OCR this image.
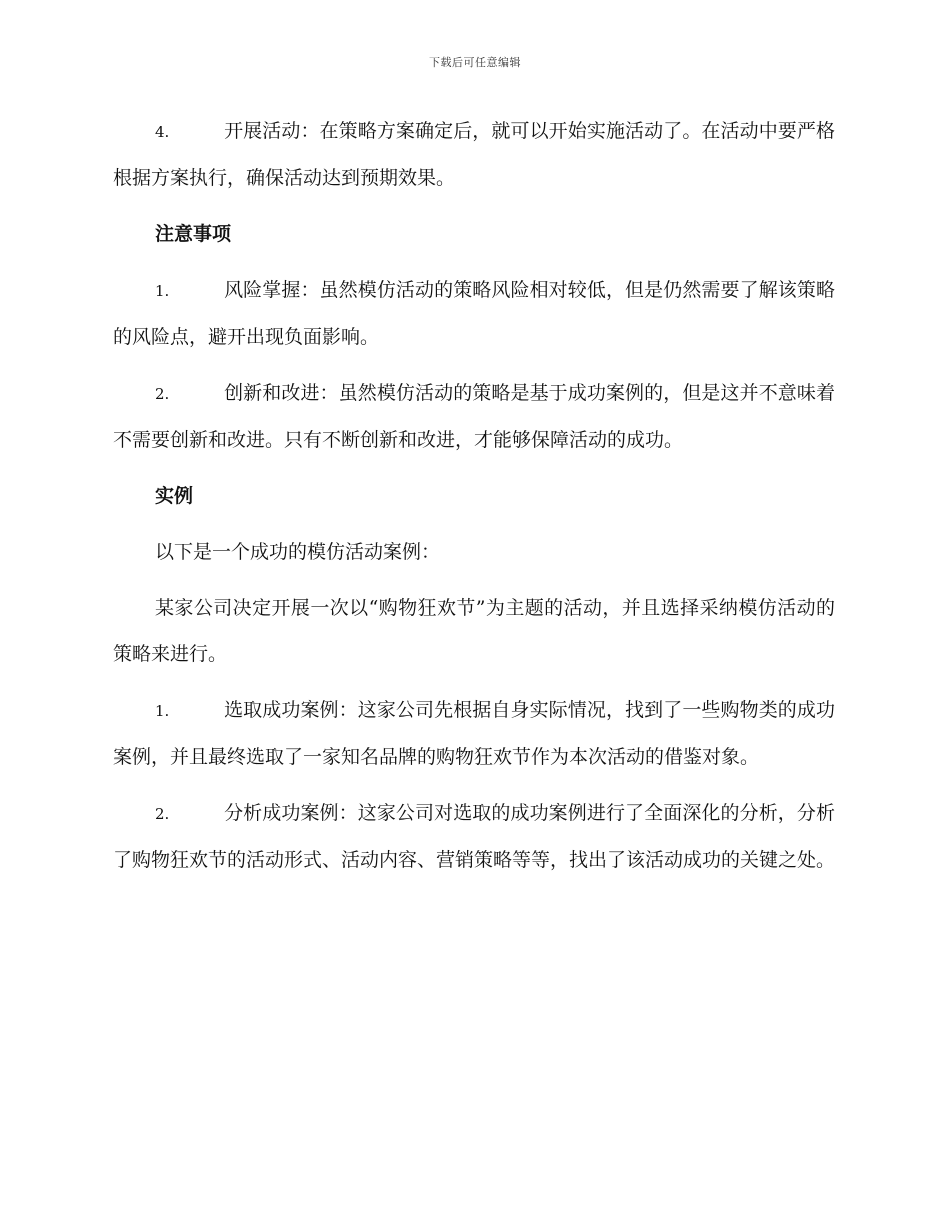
下载后可任意编辑

4.	开展活动：在策略方案确定后，就可以开始实施活动了。在活动中要严格根据方案执行，确保活动达到预期效果。

注意事项

1.	风险掌握：虽然模仿活动的策略风险相对较低，但是仍然需要了解该策略的风险点，避开出现负面影响。

2.	创新和改进：虽然模仿活动的策略是基于成功案例的，但是这并不意味着不需要创新和改进。只有不断创新和改进，才能够保障活动的成功。

实例

以下是一个成功的模仿活动案例：

某家公司决定开展一次以“购物狂欢节”为主题的活动，并且选择采纳模仿活动的策略来进行。

1.	选取成功案例：这家公司先根据自身实际情况，找到了一些购物类的成功案例，并且最终选取了一家知名品牌的购物狂欢节作为本次活动的借鉴对象。

2.	分析成功案例：这家公司对选取的成功案例进行了全面深化的分析，分析了购物狂欢节的活动形式、活动内容、营销策略等等，找出了该活动成功的关键之处。
